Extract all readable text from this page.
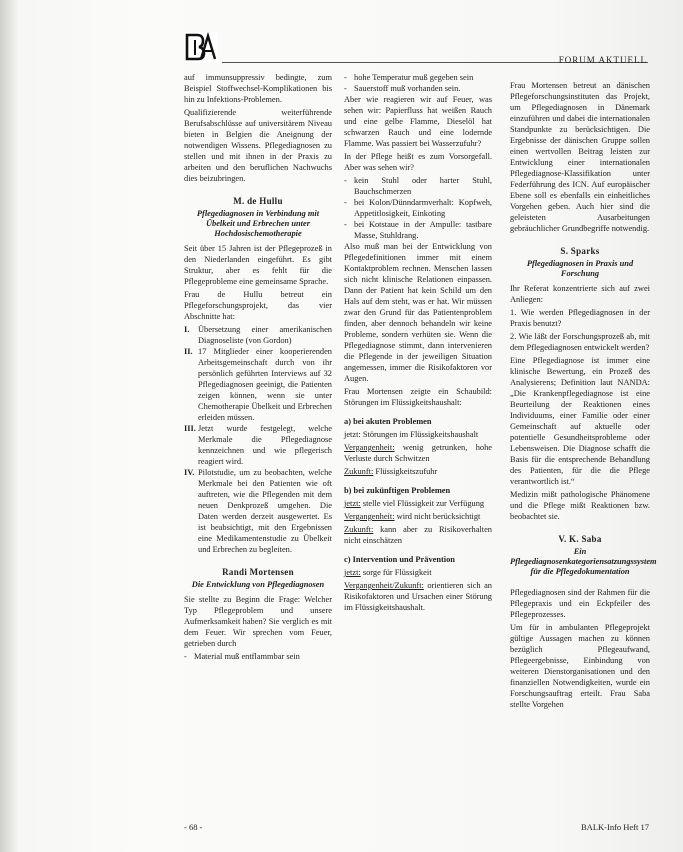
FORUM AKTUELL

auf immunsuppressiv bedingte, zum Beispiel Stoffwechsel-Komplikationen bis hin zu Infektions-Problemen.

Qualifizierende weiterführende Berufsabschlüsse auf universitärem Niveau bieten in Belgien die Aneignung der notwendigen Wissens. Pflegediagnosen zu stellen und mit ihnen in der Praxis zu arbeiten und den beruflichen Nachwuchs dies beizubringen.

M. de Hullu
Pflegediagnosen in Verbindung mit Übelkeit und Erbrechen unter Hochdosischemotherapie

Seit über 15 Jahren ist der Pflegeprozeß in den Niederlanden eingeführt. Es gibt Struktur, aber es fehlt für die Pflegeprobleme eine gemeinsame Sprache.

Frau de Hullu betreut ein Pflegeforschungsprojekt, das vier Abschnitte hat:

I.	Übersetzung einer amerikanischen Diagnoseliste (von Gordon)
II. 17 Mitglieder einer kooperierenden Arbeitsgemeinschaft durch von ihr persönlich geführten Interviews auf 32 Pflegediagnosen geeinigt, die Patienten zeigen können, wenn sie unter Chemotherapie Übelkeit und Erbrechen erleiden müssen.
III. Jetzt wurde festgelegt, welche Merkmale die Pflegediagnose kennzeichnen und wie pflegerisch reagiert wird.
IV. Pilotstudie, um zu beobachten, welche Merkmale bei den Patienten wie oft auftreten, wie die Pflegenden mit dem neuen Denkprozeß umgehen. Die Daten werden derzeit ausgewertet. Es ist beabsichtigt, mit den Ergebnissen eine Medikamentenstudie zu Übelkeit und Erbrechen zu begleiten.
Randi Mortensen
Die Entwicklung von Pflegediagnosen

Sie stellte zu Beginn die Frage: Welcher Typ Pflegeproblem und unsere Aufmerksamkeit haben? Sie verglich es mit dem Feuer. Wir sprechen vom Feuer, getrieben durch

- Material muß entflammbar sein
- hohe Temperatur muß gegeben sein
- Sauerstoff muß vorhanden sein.

Aber wie reagieren wir auf Feuer, was sehen wir: Papierfluss hat weißen Rauch und eine gelbe Flamme, Dieselöl hat schwarzen Rauch und eine lodernde Flamme. Was passiert bei Wasserzufuhr?

In der Pflege heißt es zum Vorsorgefall. Aber was sehen wir?

- kein Stuhl oder harter Stuhl, Bauchschmerzen
- bei Kolon/Dünndarmverhalt: Kopfweh, Appetitlosigkeit, Einkoting
- bei Kotstaue in der Ampulle: tastbare Masse, Stuhldrang.

Also muß man bei der Entwicklung von Pflegedefinitionen immer mit einem Kontaktproblem rechnen. Menschen lassen sich nicht klinische Relationen einpassen. Dann der Patient hat kein Schild um den Hals auf dem steht, was er hat. Wir müssen zwar den Grund für das Patientenproblem finden, aber dennoch behandeln wir keine Probleme, sondern verhüten sie. Wenn die Pflegediagnose stimmt, dann intervenieren die Pflegende in der jeweiligen Situation angemessen, immer die Risikofaktoren vor Augen.

Frau Mortensen zeigte ein Schaubild: Störungen im Flüssigkeitshaushalt:

a) bei akuten Problemen

jetzt: Störungen im Flüssigkeitshaushalt

Vergangenheit: wenig getrunken, hohe Verluste durch Schwitzen

Zukunft: Flüssigkeitszufuhr

b) bei zukünftigen Problemen

jetzt: stelle viel Flüssigkeit zur Verfügung

Vergangenheit: wird nicht berücksichtigt

Zukunft: kann aber zu Risikoverhalten nicht einschätzen

c) Intervention und Prävention

jetzt: sorge für Flüssigkeit

Vergangenheit/Zukunft: orientieren sich an Risikofaktoren und Ursachen einer Störung im Flüssigkeitshaushalt.

Frau Mortensen betreut an dänischen Pflegeforschungsinstituten das Projekt, um Pflegediagnosen in Dänemark einzuführen und dabei die internationalen Standpunkte zu berücksichtigen. Die Ergebnisse der dänischen Gruppe sollen einen wertvollen Beitrag leisten zur Entwicklung einer internationalen Pflegediagnose-Klassifikation unter Federführung des ICN. Auf europäischer Ebene soll es ebenfalls ein einheitliches Vorgehen geben. Auch hier sind die geleisteten Ausarbeitungen gebräuchlicher Grundbegriffe notwendig.

S. Sparks
Pflegediagnosen in Praxis und Forschung

Ihr Referat konzentrierte sich auf zwei Anliegen:

1. Wie werden Pflegediagnosen in der Praxis benutzt?

2. Wie läßt der Forschungsprozeß ab, mit dem Pflegediagnosen entwickelt werden?

Eine Pflegediagnose ist immer eine klinische Bewertung, ein Prozeß des Analysierens; Definition laut NANDA: „Die Krankenpflegediagnose ist eine Beurteilung der Reaktionen eines Individuums, einer Familie oder einer Gemeinschaft auf aktuelle oder potentielle Gesundheitsprobleme oder Lebensweisen. Die Diagnose schafft die Basis für die entsprechende Behandlung des Patienten, für die die Pflege verantwortlich ist.“

Medizin mißt pathologische Phänomene und die Pflege mißt Reaktionen bzw. beobachtet sie.

V. K. Saba
Ein Pflegediagnosenkategoriensatzungssystem für die Pflegedokumentation

Pflegediagnosen sind der Rahmen für die Pflegepraxis und ein Eckpfeiler des Pflegeprozesses.

Um für in ambulanten Pflegeprojekt gültige Aussagen machen zu können bezüglich Pflegeaufwand, Pflegeergebnisse, Einbindung von weiteren Dienstorganisationen und den finanziellen Notwendigkeiten, wurde ein Forschungsauftrag erteilt. Frau Saba stellte Vorgehen

- 68 -	BALK-Info Heft 17
